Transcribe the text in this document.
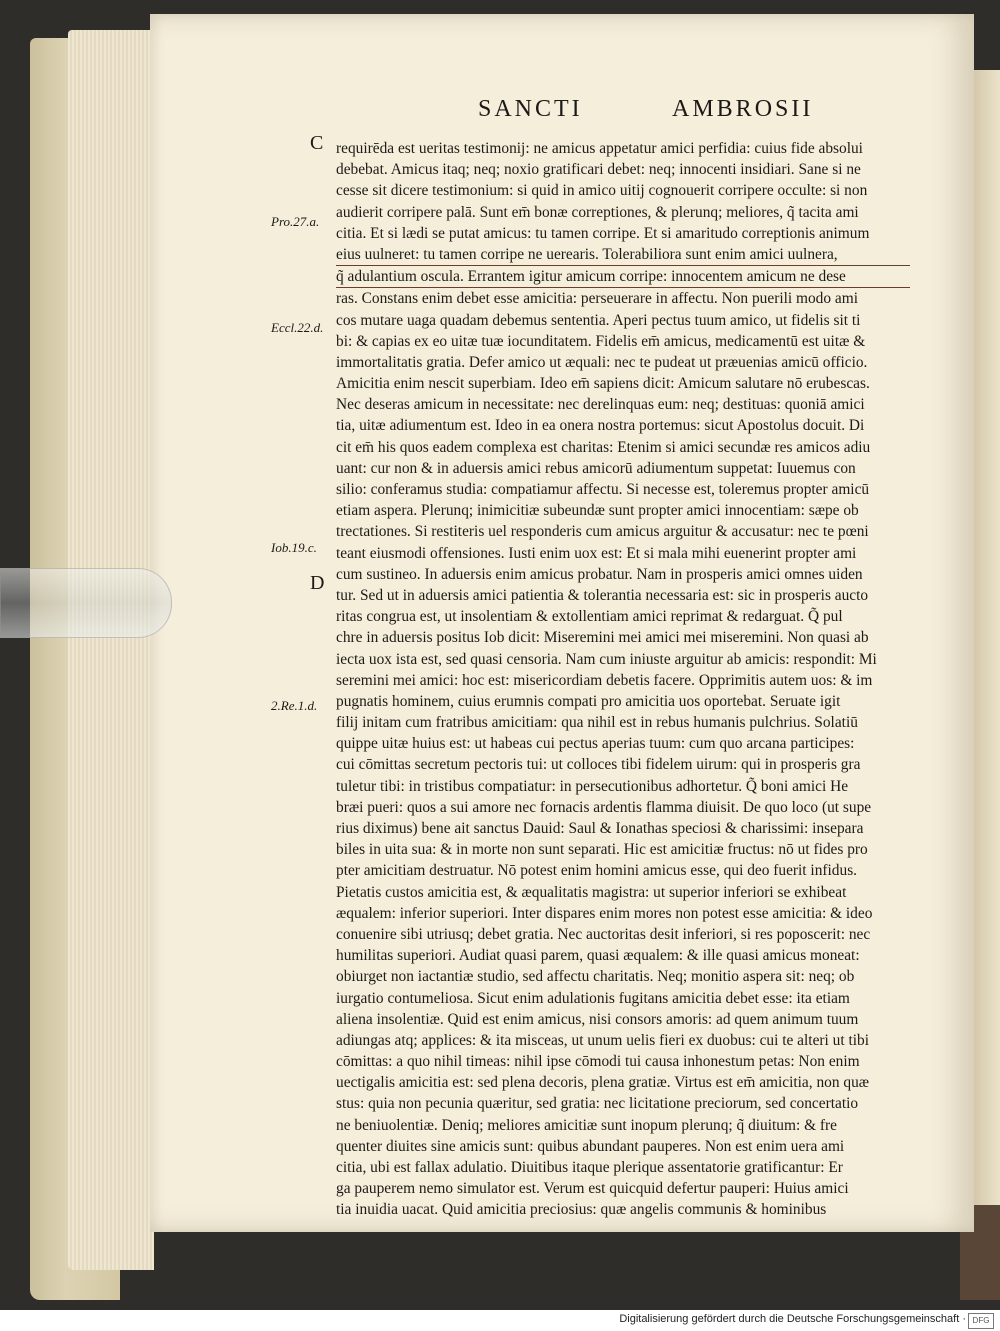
SANCTI	AMBROSII
C
D
Pro.27.a.
Eccl.22.d.
Iob.19.c.
2.Re.1.d.
requirēda est ueritas testimonij: ne amicus appetatur amici perfidia: cuius fide absolui
debebat. Amicus itaq; neq; noxio gratificari debet: neq; innocenti insidiari. Sane si ne
cesse sit dicere testimonium: si quid in amico uitij cognouerit corripere occulte: si non
audierit corripere palā. Sunt em̄ bonæ correptiones, & plerunq; meliores, q̃ tacita ami
citia. Et si lædi se putat amicus: tu tamen corripe. Et si amaritudo correptionis animum
eius uulneret: tu tamen corripe ne uerearis. Tolerabiliora sunt enim amici uulnera,
q̃ adulantium oscula. Errantem igitur amicum corripe: innocentem amicum ne dese
ras. Constans enim debet esse amicitia: perseuerare in affectu. Non puerili modo ami
cos mutare uaga quadam debemus sententia. Aperi pectus tuum amico, ut fidelis sit ti
bi: & capias ex eo uitæ tuæ iocunditatem. Fidelis em̄ amicus, medicamentū est uitæ &
immortalitatis gratia. Defer amico ut æquali: nec te pudeat ut præuenias amicū officio.
Amicitia enim nescit superbiam. Ideo em̄ sapiens dicit: Amicum salutare nō erubescas.
Nec deseras amicum in necessitate: nec derelinquas eum: neq; destituas: quoniā amici
tia, uitæ adiumentum est. Ideo in ea onera nostra portemus: sicut Apostolus docuit. Di
cit em̄ his quos eadem complexa est charitas: Etenim si amici secundæ res amicos adiu
uant: cur non & in aduersis amici rebus amicorū adiumentum suppetat: Iuuemus con
silio: conferamus studia: compatiamur affectu. Si necesse est, toleremus propter amicū
etiam aspera. Plerunq; inimicitiæ subeundæ sunt propter amici innocentiam: sæpe ob
trectationes. Si restiteris uel responderis cum amicus arguitur & accusatur: nec te pœni
teant eiusmodi offensiones. Iusti enim uox est: Et si mala mihi euenerint propter ami
cum sustineo. In aduersis enim amicus probatur. Nam in prosperis amici omnes uiden
tur. Sed ut in aduersis amici patientia & tolerantia necessaria est: sic in prosperis aucto
ritas congrua est, ut insolentiam & extollentiam amici reprimat & redarguat. Q̃ pul
chre in aduersis positus Iob dicit: Miseremini mei amici mei miseremini. Non quasi ab
iecta uox ista est, sed quasi censoria. Nam cum iniuste arguitur ab amicis: respondit: Mi
seremini mei amici: hoc est: misericordiam debetis facere. Opprimitis autem uos: & im
pugnatis hominem, cuius erumnis compati pro amicitia uos oportebat. Seruate igit
filij initam cum fratribus amicitiam: qua nihil est in rebus humanis pulchrius. Solatiū
quippe uitæ huius est: ut habeas cui pectus aperias tuum: cum quo arcana participes:
cui cōmittas secretum pectoris tui: ut colloces tibi fidelem uirum: qui in prosperis gra
tuletur tibi: in tristibus compatiatur: in persecutionibus adhortetur. Q̃ boni amici He
bræi pueri: quos a sui amore nec fornacis ardentis flamma diuisit. De quo loco (ut supe
rius diximus) bene ait sanctus Dauid: Saul & Ionathas speciosi & charissimi: insepara
biles in uita sua: & in morte non sunt separati. Hic est amicitiæ fructus: nō ut fides pro
pter amicitiam destruatur. Nō potest enim homini amicus esse, qui deo fuerit infidus.
Pietatis custos amicitia est, & æqualitatis magistra: ut superior inferiori se exhibeat
æqualem: inferior superiori. Inter dispares enim mores non potest esse amicitia: & ideo
conuenire sibi utriusq; debet gratia. Nec auctoritas desit inferiori, si res poposcerit: nec
humilitas superiori. Audiat quasi parem, quasi æqualem: & ille quasi amicus moneat:
obiurget non iactantiæ studio, sed affectu charitatis. Neq; monitio aspera sit: neq; ob
iurgatio contumeliosa. Sicut enim adulationis fugitans amicitia debet esse: ita etiam
aliena insolentiæ. Quid est enim amicus, nisi consors amoris: ad quem animum tuum
adiungas atq; applices: & ita misceas, ut unum uelis fieri ex duobus: cui te alteri ut tibi
cōmittas: a quo nihil timeas: nihil ipse cōmodi tui causa inhonestum petas: Non enim
uectigalis amicitia est: sed plena decoris, plena gratiæ. Virtus est em̄ amicitia, non quæ
stus: quia non pecunia quæritur, sed gratia: nec licitatione preciorum, sed concertatio
ne beniuolentiæ. Deniq; meliores amicitiæ sunt inopum plerunq; q̃ diuitum: & fre
quenter diuites sine amicis sunt: quibus abundant pauperes. Non est enim uera ami
citia, ubi est fallax adulatio. Diuitibus itaque plerique assentatorie gratificantur: Er
ga pauperem nemo simulator est. Verum est quicquid defertur pauperi: Huius amici
tia inuidia uacat. Quid amicitia preciosius: quæ angelis communis & hominibus
Digitalisierung gefördert durch die Deutsche Forschungsgemeinschaft · DFG
